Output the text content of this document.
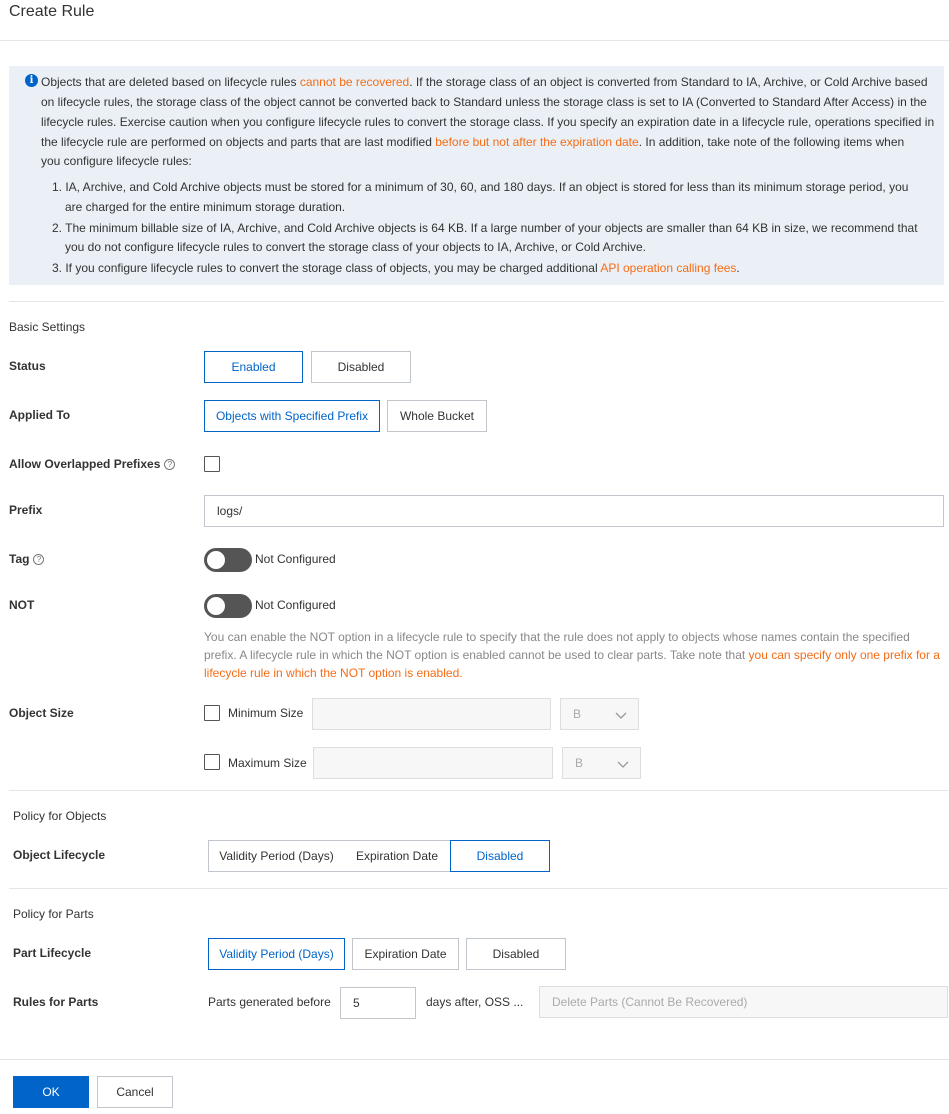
Create Rule
i Objects that are deleted based on lifecycle rules cannot be recovered. If the storage class of an object is converted from Standard to IA, Archive, or Cold Archive based

on lifecycle rules, the storage class of the object cannot be converted back to Standard unless the storage class is set to IA (Converted to Standard After Access) in the

lifecycle rules. Exercise caution when you configure lifecycle rules to convert the storage class. If you specify an expiration date in a lifecycle rule, operations specified in

the lifecycle rule are performed on objects and parts that are last modified before but not after the expiration date. In addition, take note of the following items when

you configure lifecycle rules:

1. IA, Archive, and Cold Archive objects must be stored for a minimum of 30, 60, and 180 days. If an object is stored for less than its minimum storage period, you

are charged for the entire minimum storage duration.

2. The minimum billable size of IA, Archive, and Cold Archive objects is 64 KB. If a large number of your objects are smaller than 64 KB in size, we recommend that

you do not configure lifecycle rules to convert the storage class of your objects to IA, Archive, or Cold Archive.

3. If you configure lifecycle rules to convert the storage class of objects, you may be charged additional API operation calling fees.

Basic Settings
Status	Enabled	Disabled
Applied To	Objects with Specified Prefix	Whole Bucket
Allow Overlapped Prefixes ?
Prefix	logs/
Tag ?	Not Configured
NOT	Not Configured
You can enable the NOT option in a lifecycle rule to specify that the rule does not apply to objects whose names contain the specified
prefix. A lifecycle rule in which the NOT option is enabled cannot be used to clear parts. Take note that you can specify only one prefix for a
lifecycle rule in which the NOT option is enabled.
Object Size	Minimum Size	B
Maximum Size	B
Policy for Objects
Object Lifecycle	Validity Period (Days)	Expiration Date	Disabled
Policy for Parts
Part Lifecycle	Validity Period (Days)	Expiration Date	Disabled
Rules for Parts	Parts generated before	5	days after, OSS ...	Delete Parts (Cannot Be Recovered)
OK	Cancel
